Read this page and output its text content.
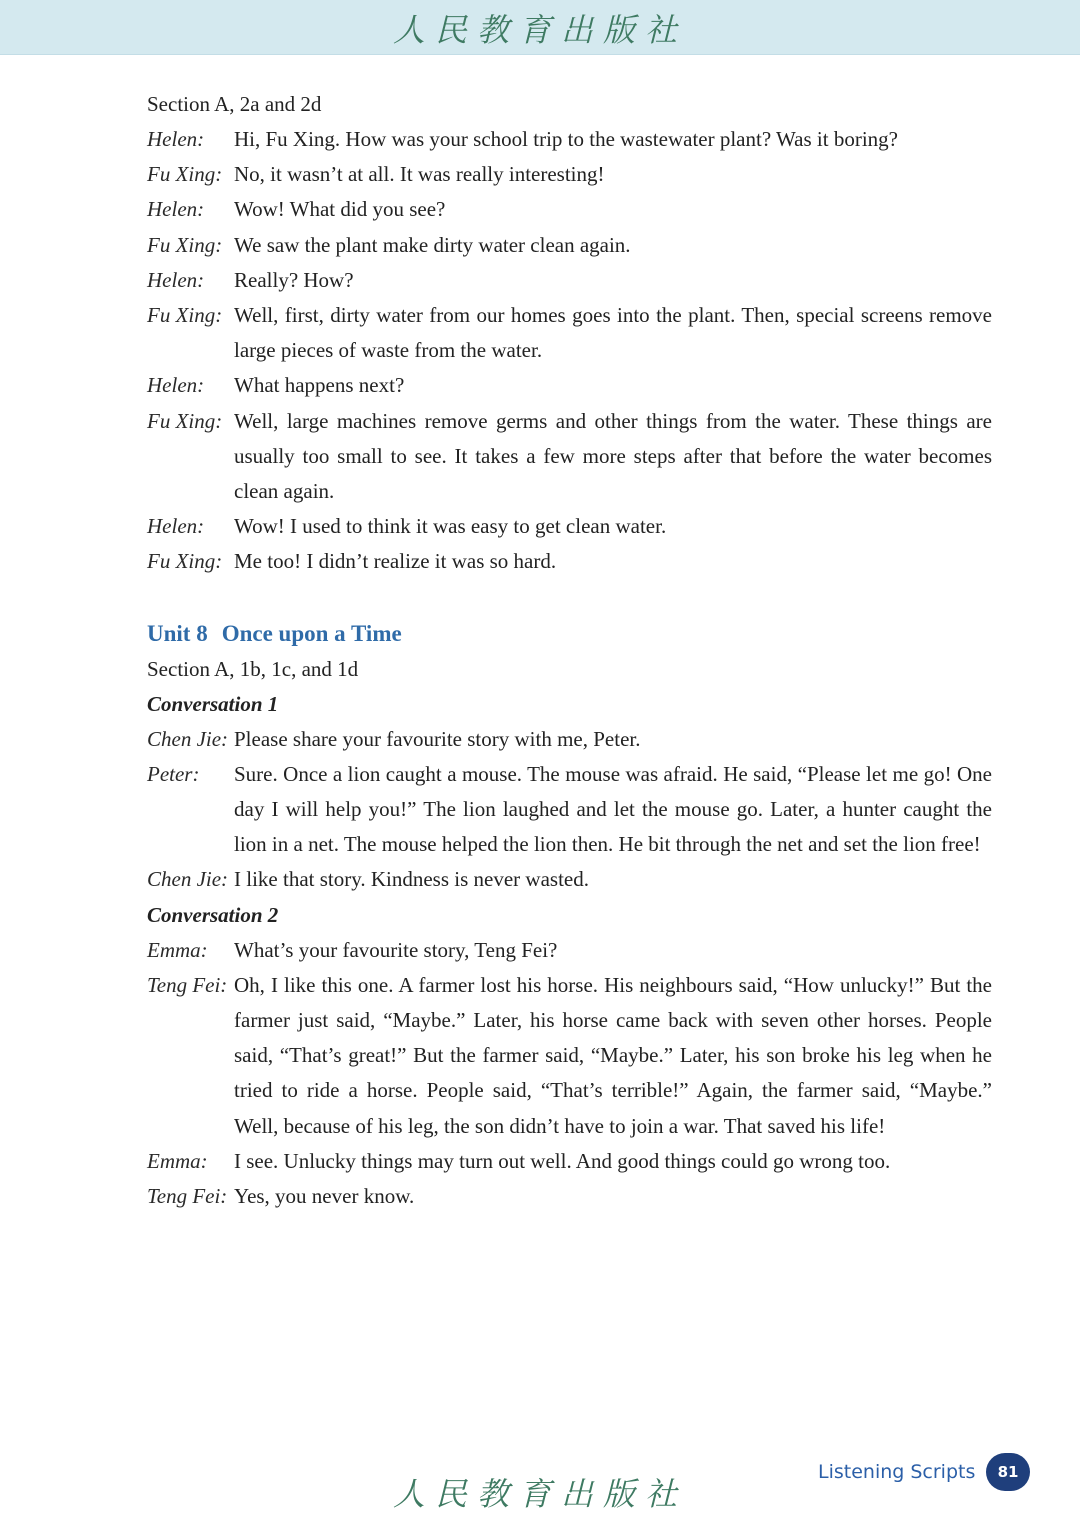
人民教育出版社
Section A, 2a and 2d
Helen:	Hi, Fu Xing. How was your school trip to the wastewater plant? Was it boring?
Fu Xing: No, it wasn’t at all. It was really interesting!
Helen:	Wow! What did you see?
Fu Xing: We saw the plant make dirty water clean again.
Helen:	Really? How?
Fu Xing: Well, first, dirty water from our homes goes into the plant. Then, special screens remove large pieces of waste from the water.
Helen:	What happens next?
Fu Xing: Well, large machines remove germs and other things from the water. These things are usually too small to see. It takes a few more steps after that before the water becomes clean again.
Helen:	Wow! I used to think it was easy to get clean water.
Fu Xing: Me too! I didn’t realize it was so hard.
Unit 8 Once upon a Time
Section A, 1b, 1c, and 1d
Conversation 1
Chen Jie: Please share your favourite story with me, Peter.
Peter:	Sure. Once a lion caught a mouse. The mouse was afraid. He said, “Please let me go! One day I will help you!” The lion laughed and let the mouse go. Later, a hunter caught the lion in a net. The mouse helped the lion then. He bit through the net and set the lion free!
Chen Jie: I like that story. Kindness is never wasted.
Conversation 2
Emma:	What’s your favourite story, Teng Fei?
Teng Fei: Oh, I like this one. A farmer lost his horse. His neighbours said, “How unlucky!” But the farmer just said, “Maybe.” Later, his horse came back with seven other horses. People said, “That’s great!” But the farmer said, “Maybe.” Later, his son broke his leg when he tried to ride a horse. People said, “That’s terrible!” Again, the farmer said, “Maybe.” Well, because of his leg, the son didn’t have to join a war. That saved his life!
Emma:	I see. Unlucky things may turn out well. And good things could go wrong too.
Teng Fei: Yes, you never know.
Listening Scripts	81
人民教育出版社
